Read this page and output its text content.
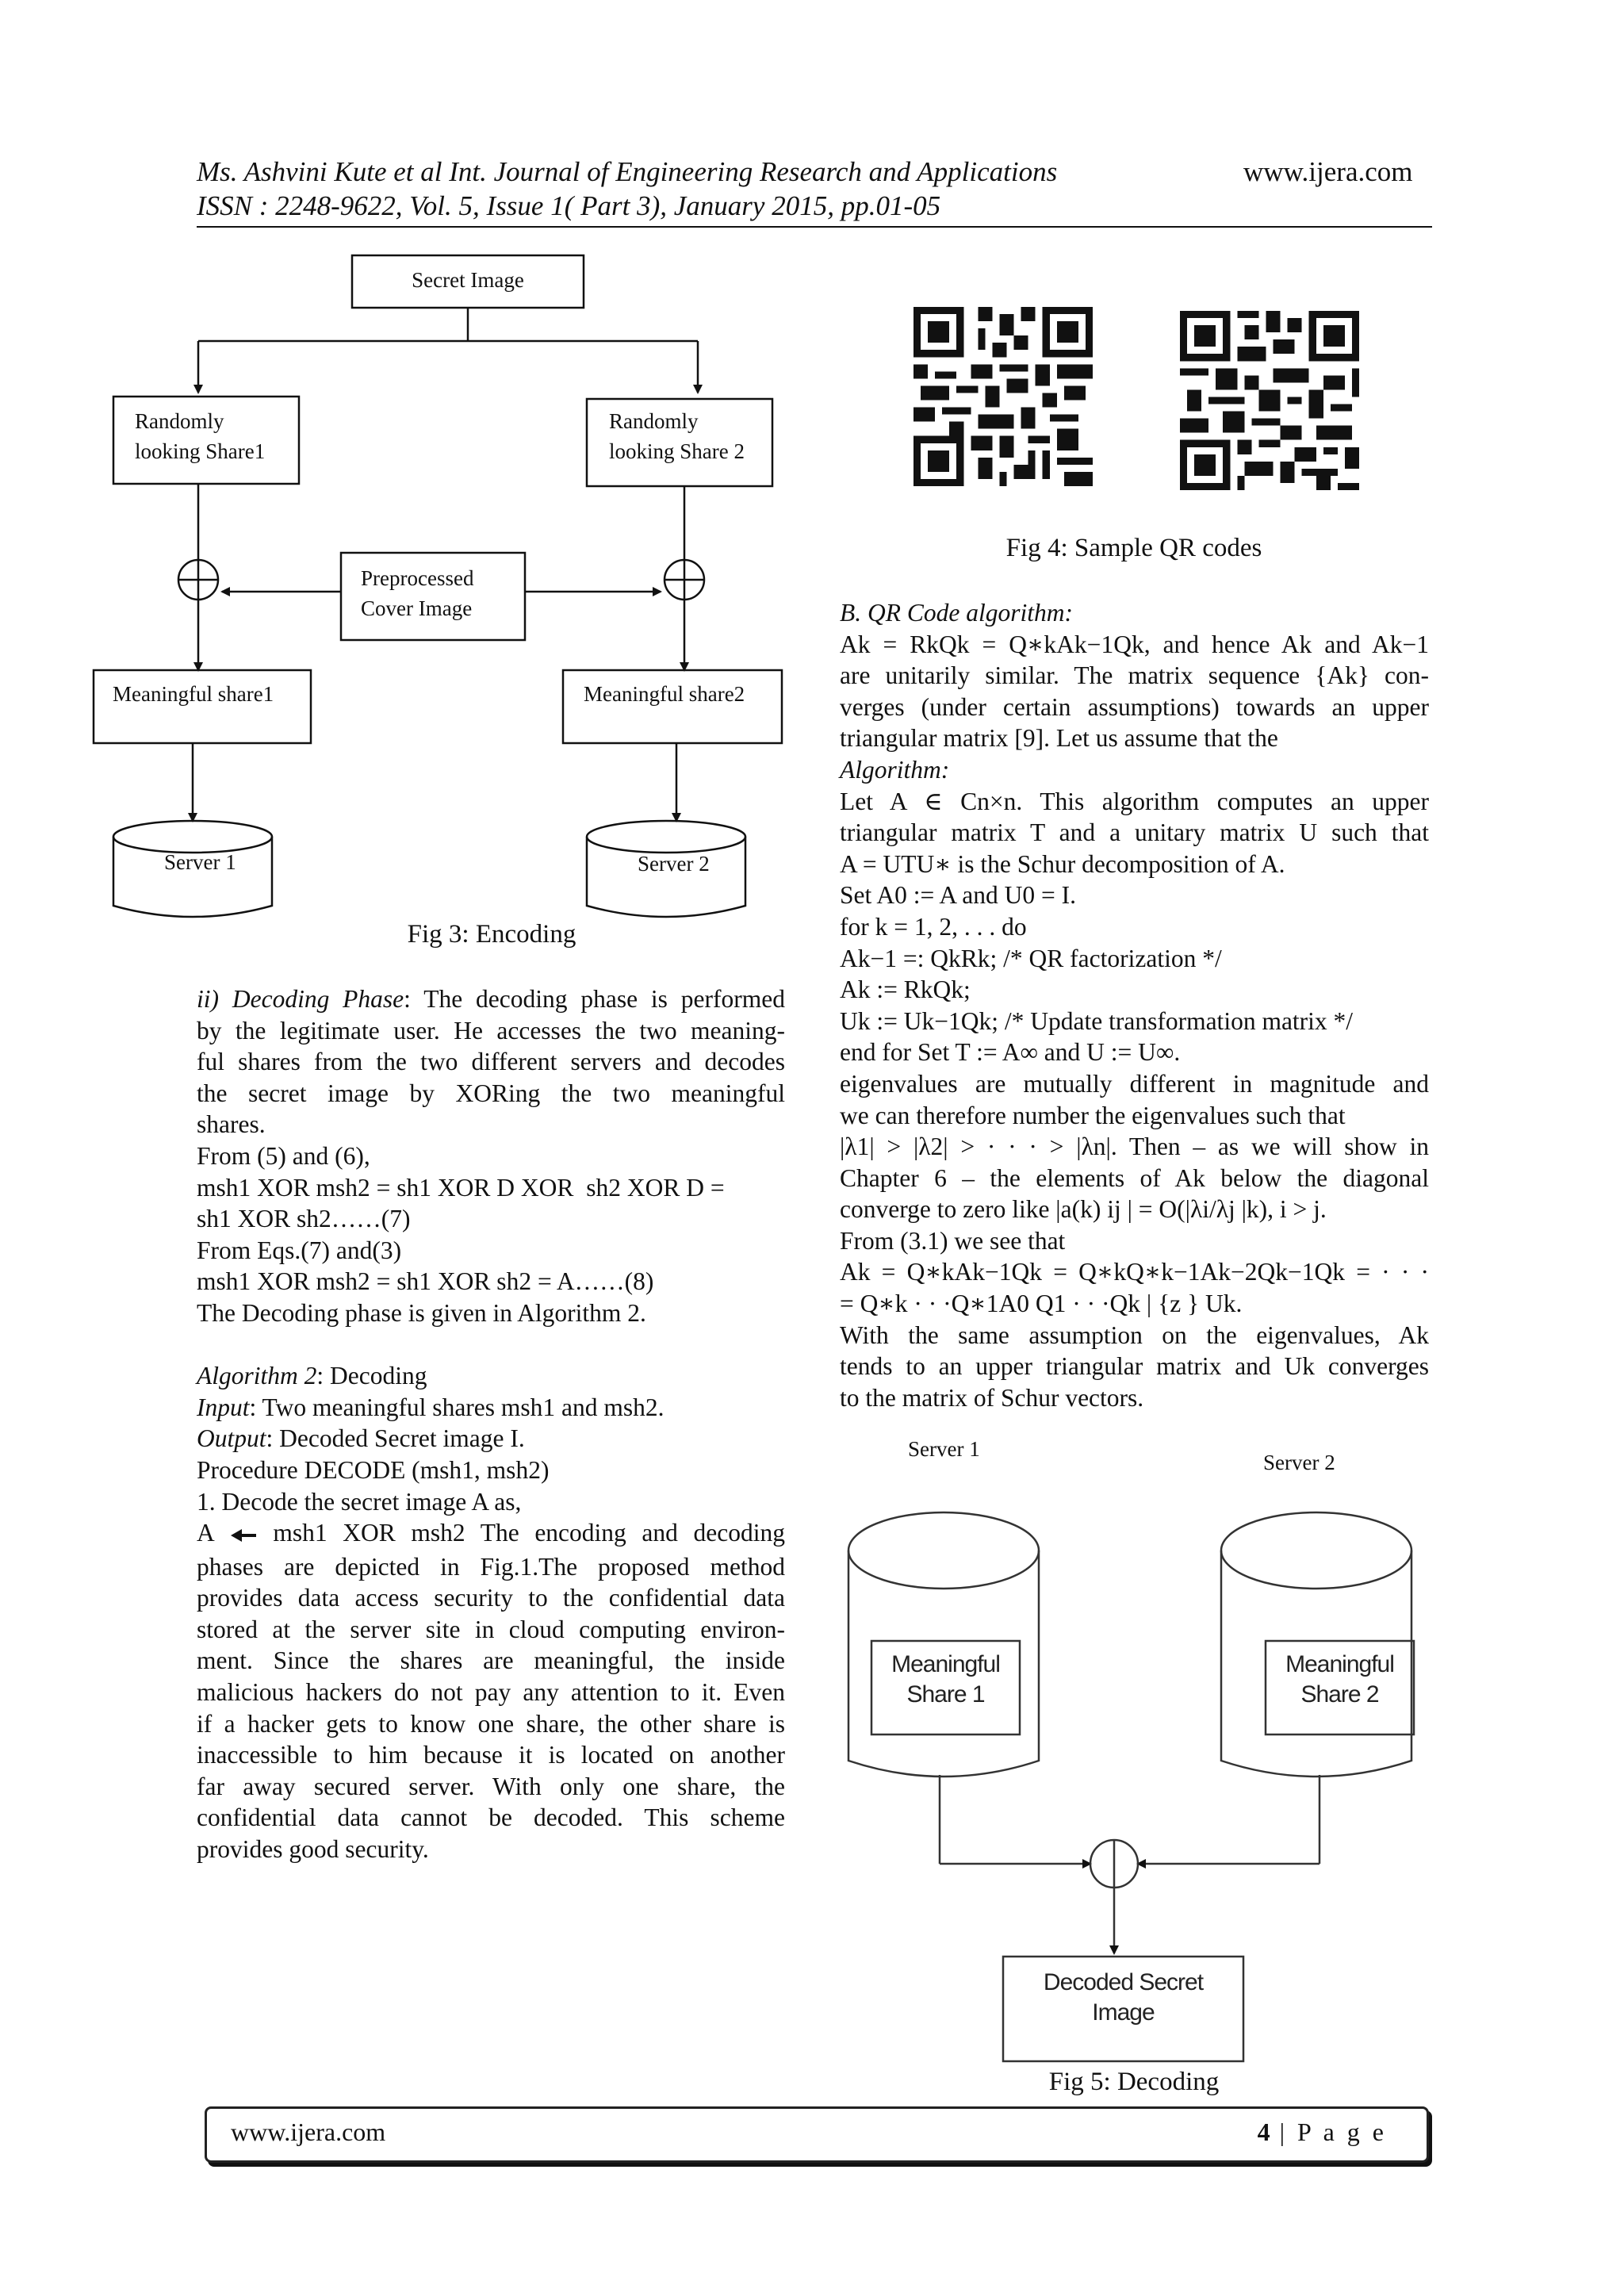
Ms. Ashvini Kute et al Int. Journal of Engineering Research and Applications	www.ijera.com
ISSN : 2248-9622, Vol. 5, Issue 1( Part 3), January 2015, pp.01-05
Secret Image
Randomly
looking Share1
Randomly
looking Share 2
Preprocessed
Cover Image
Meaningful share1	Meaningful share2
Server 1	Server 2
Fig 3: Encoding
ii) Decoding Phase: The decoding phase is performed
by the legitimate user. He accesses the two meaning-
ful shares from the two different servers and decodes
the secret image by XORing the two meaningful
shares.
From (5) and (6),
msh1 XOR msh2 = sh1 XOR D XOR  sh2 XOR D =
sh1 XOR sh2……(7)
From Eqs.(7) and(3)
msh1 XOR msh2 = sh1 XOR sh2 = A……(8)
The Decoding phase is given in Algorithm 2.
Algorithm 2: Decoding
Input: Two meaningful shares msh1 and msh2.
Output: Decoded Secret image I.
Procedure DECODE (msh1, msh2)
1. Decode the secret image A as,
A msh1 XOR msh2 The encoding and decoding
phases are depicted in Fig.1.The proposed method
provides data access security to the confidential data
stored at the server site in cloud computing environ-
ment. Since the shares are meaningful, the inside
malicious hackers do not pay any attention to it. Even
if a hacker gets to know one share, the other share is
inaccessible to him because it is located on another
far away secured server. With only one share, the
confidential data cannot be decoded. This scheme
provides good security.
Fig 4: Sample QR codes
B. QR Code algorithm:
Ak = RkQk = Q∗kAk−1Qk, and hence Ak and Ak−1
are unitarily similar. The matrix sequence {Ak} con-
verges (under certain assumptions) towards an upper
triangular matrix [9]. Let us assume that the
Algorithm:
Let A ∈ Cn×n. This algorithm computes an upper
triangular matrix T and a unitary matrix U such that
A = UTU∗ is the Schur decomposition of A.
Set A0 := A and U0 = I.
for k = 1, 2, . . . do
Ak−1 =: QkRk; /* QR factorization */
Ak := RkQk;
Uk := Uk−1Qk; /* Update transformation matrix */
end for Set T := A∞ and U := U∞.
eigenvalues are mutually different in magnitude and
we can therefore number the eigenvalues such that
|λ1| > |λ2| > · · · > |λn|. Then – as we will show in
Chapter 6 – the elements of Ak below the diagonal
converge to zero like |a(k) ij | = O(|λi/λj |k), i > j.
From (3.1) we see that
Ak = Q∗kAk−1Qk = Q∗kQ∗k−1Ak−2Qk−1Qk = · · ·
= Q∗k · · ·Q∗1A0 Q1 · · ·Qk | {z } Uk.
With the same assumption on the eigenvalues, Ak
tends to an upper triangular matrix and Uk converges
to the matrix of Schur vectors.
Server 1
Server 2
Meaningful
Share 1
Meaningful
Share 2
Decoded Secret
Image
Fig 5: Decoding
www.ijera.com	4 | P a g e
